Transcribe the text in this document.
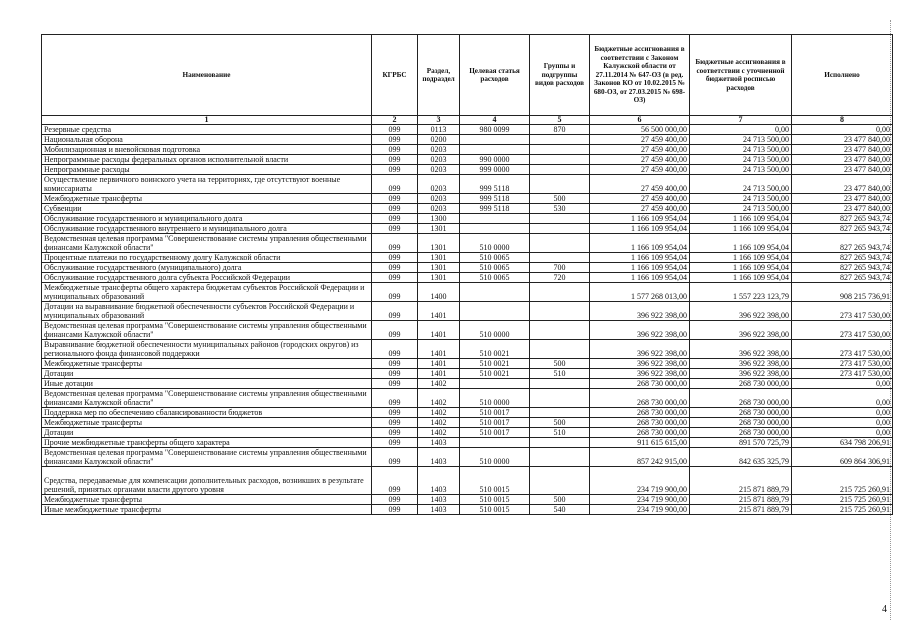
Наименование	КГРБС	Раздел, подраздел	Целевая статья расходов	Группы и подгруппы видов расходов	Бюджетные ассигнования в соответствии с Законом Калужской области от 27.11.2014 № 647-ОЗ (в ред. Законов КО от 10.02.2015 № 680-ОЗ, от 27.03.2015 № 698-ОЗ)	Бюджетные ассигнования в соответствии с уточненной бюджетной росписью расходов	Исполнено
1	2	3	4	5	6	7	8
Резервные средства	099	0113	980 0099	870	56 500 000,00	0,00	0,00
Национальная оборона	099	0200			27 459 400,00	24 713 500,00	23 477 840,00
Мобилизационная и вневойсковая подготовка	099	0203			27 459 400,00	24 713 500,00	23 477 840,00
Непрограммные расходы федеральных органов исполнительной власти	099	0203	990 0000		27 459 400,00	24 713 500,00	23 477 840,00
Непрограммные расходы	099	0203	999 0000		27 459 400,00	24 713 500,00	23 477 840,00
Осуществление первичного воинского учета на территориях, где отсутствуют военные комиссариаты	099	0203	999 5118		27 459 400,00	24 713 500,00	23 477 840,00
Межбюджетные трансферты	099	0203	999 5118	500	27 459 400,00	24 713 500,00	23 477 840,00
Субвенции	099	0203	999 5118	530	27 459 400,00	24 713 500,00	23 477 840,00
Обслуживание государственного и муниципального долга	099	1300			1 166 109 954,04	1 166 109 954,04	827 265 943,74
Обслуживание государственного внутреннего и муниципального долга	099	1301			1 166 109 954,04	1 166 109 954,04	827 265 943,74
Ведомственная целевая программа "Совершенствование системы управления общественными финансами Калужской области"	099	1301	510 0000		1 166 109 954,04	1 166 109 954,04	827 265 943,74
Процентные платежи по государственному долгу Калужской области	099	1301	510 0065		1 166 109 954,04	1 166 109 954,04	827 265 943,74
Обслуживание государственного (муниципального) долга	099	1301	510 0065	700	1 166 109 954,04	1 166 109 954,04	827 265 943,74
Обслуживание государственного долга субъекта Российской Федерации	099	1301	510 0065	720	1 166 109 954,04	1 166 109 954,04	827 265 943,74
Межбюджетные трансферты общего характера бюджетам субъектов Российской Федерации и муниципальных образований	099	1400			1 577 268 013,00	1 557 223 123,79	908 215 736,91
Дотации на выравнивание бюджетной обеспеченности субъектов Российской Федерации и муниципальных образований	099	1401			396 922 398,00	396 922 398,00	273 417 530,00
Ведомственная целевая программа "Совершенствование системы управления общественными финансами Калужской области"	099	1401	510 0000		396 922 398,00	396 922 398,00	273 417 530,00
Выравнивание бюджетной обеспеченности муниципальных районов (городских округов) из регионального фонда финансовой поддержки	099	1401	510 0021		396 922 398,00	396 922 398,00	273 417 530,00
Межбюджетные трансферты	099	1401	510 0021	500	396 922 398,00	396 922 398,00	273 417 530,00
Дотации	099	1401	510 0021	510	396 922 398,00	396 922 398,00	273 417 530,00
Иные дотации	099	1402			268 730 000,00	268 730 000,00	0,00
Ведомственная целевая программа "Совершенствование системы управления общественными финансами Калужской области"	099	1402	510 0000		268 730 000,00	268 730 000,00	0,00
Поддержка мер по обеспечению сбалансированности бюджетов	099	1402	510 0017		268 730 000,00	268 730 000,00	0,00
Межбюджетные трансферты	099	1402	510 0017	500	268 730 000,00	268 730 000,00	0,00
Дотации	099	1402	510 0017	510	268 730 000,00	268 730 000,00	0,00
Прочие межбюджетные трансферты общего характера	099	1403			911 615 615,00	891 570 725,79	634 798 206,91
Ведомственная целевая программа "Совершенствование системы управления общественными финансами Калужской области"	099	1403	510 0000		857 242 915,00	842 635 325,79	609 864 306,91
Средства, передаваемые для компенсации дополнительных расходов, возникших в результате решений, принятых органами власти другого уровня	099	1403	510 0015		234 719 900,00	215 871 889,79	215 725 260,91
Межбюджетные трансферты	099	1403	510 0015	500	234 719 900,00	215 871 889,79	215 725 260,91
Иные межбюджетные трансферты	099	1403	510 0015	540	234 719 900,00	215 871 889,79	215 725 260,91
4
